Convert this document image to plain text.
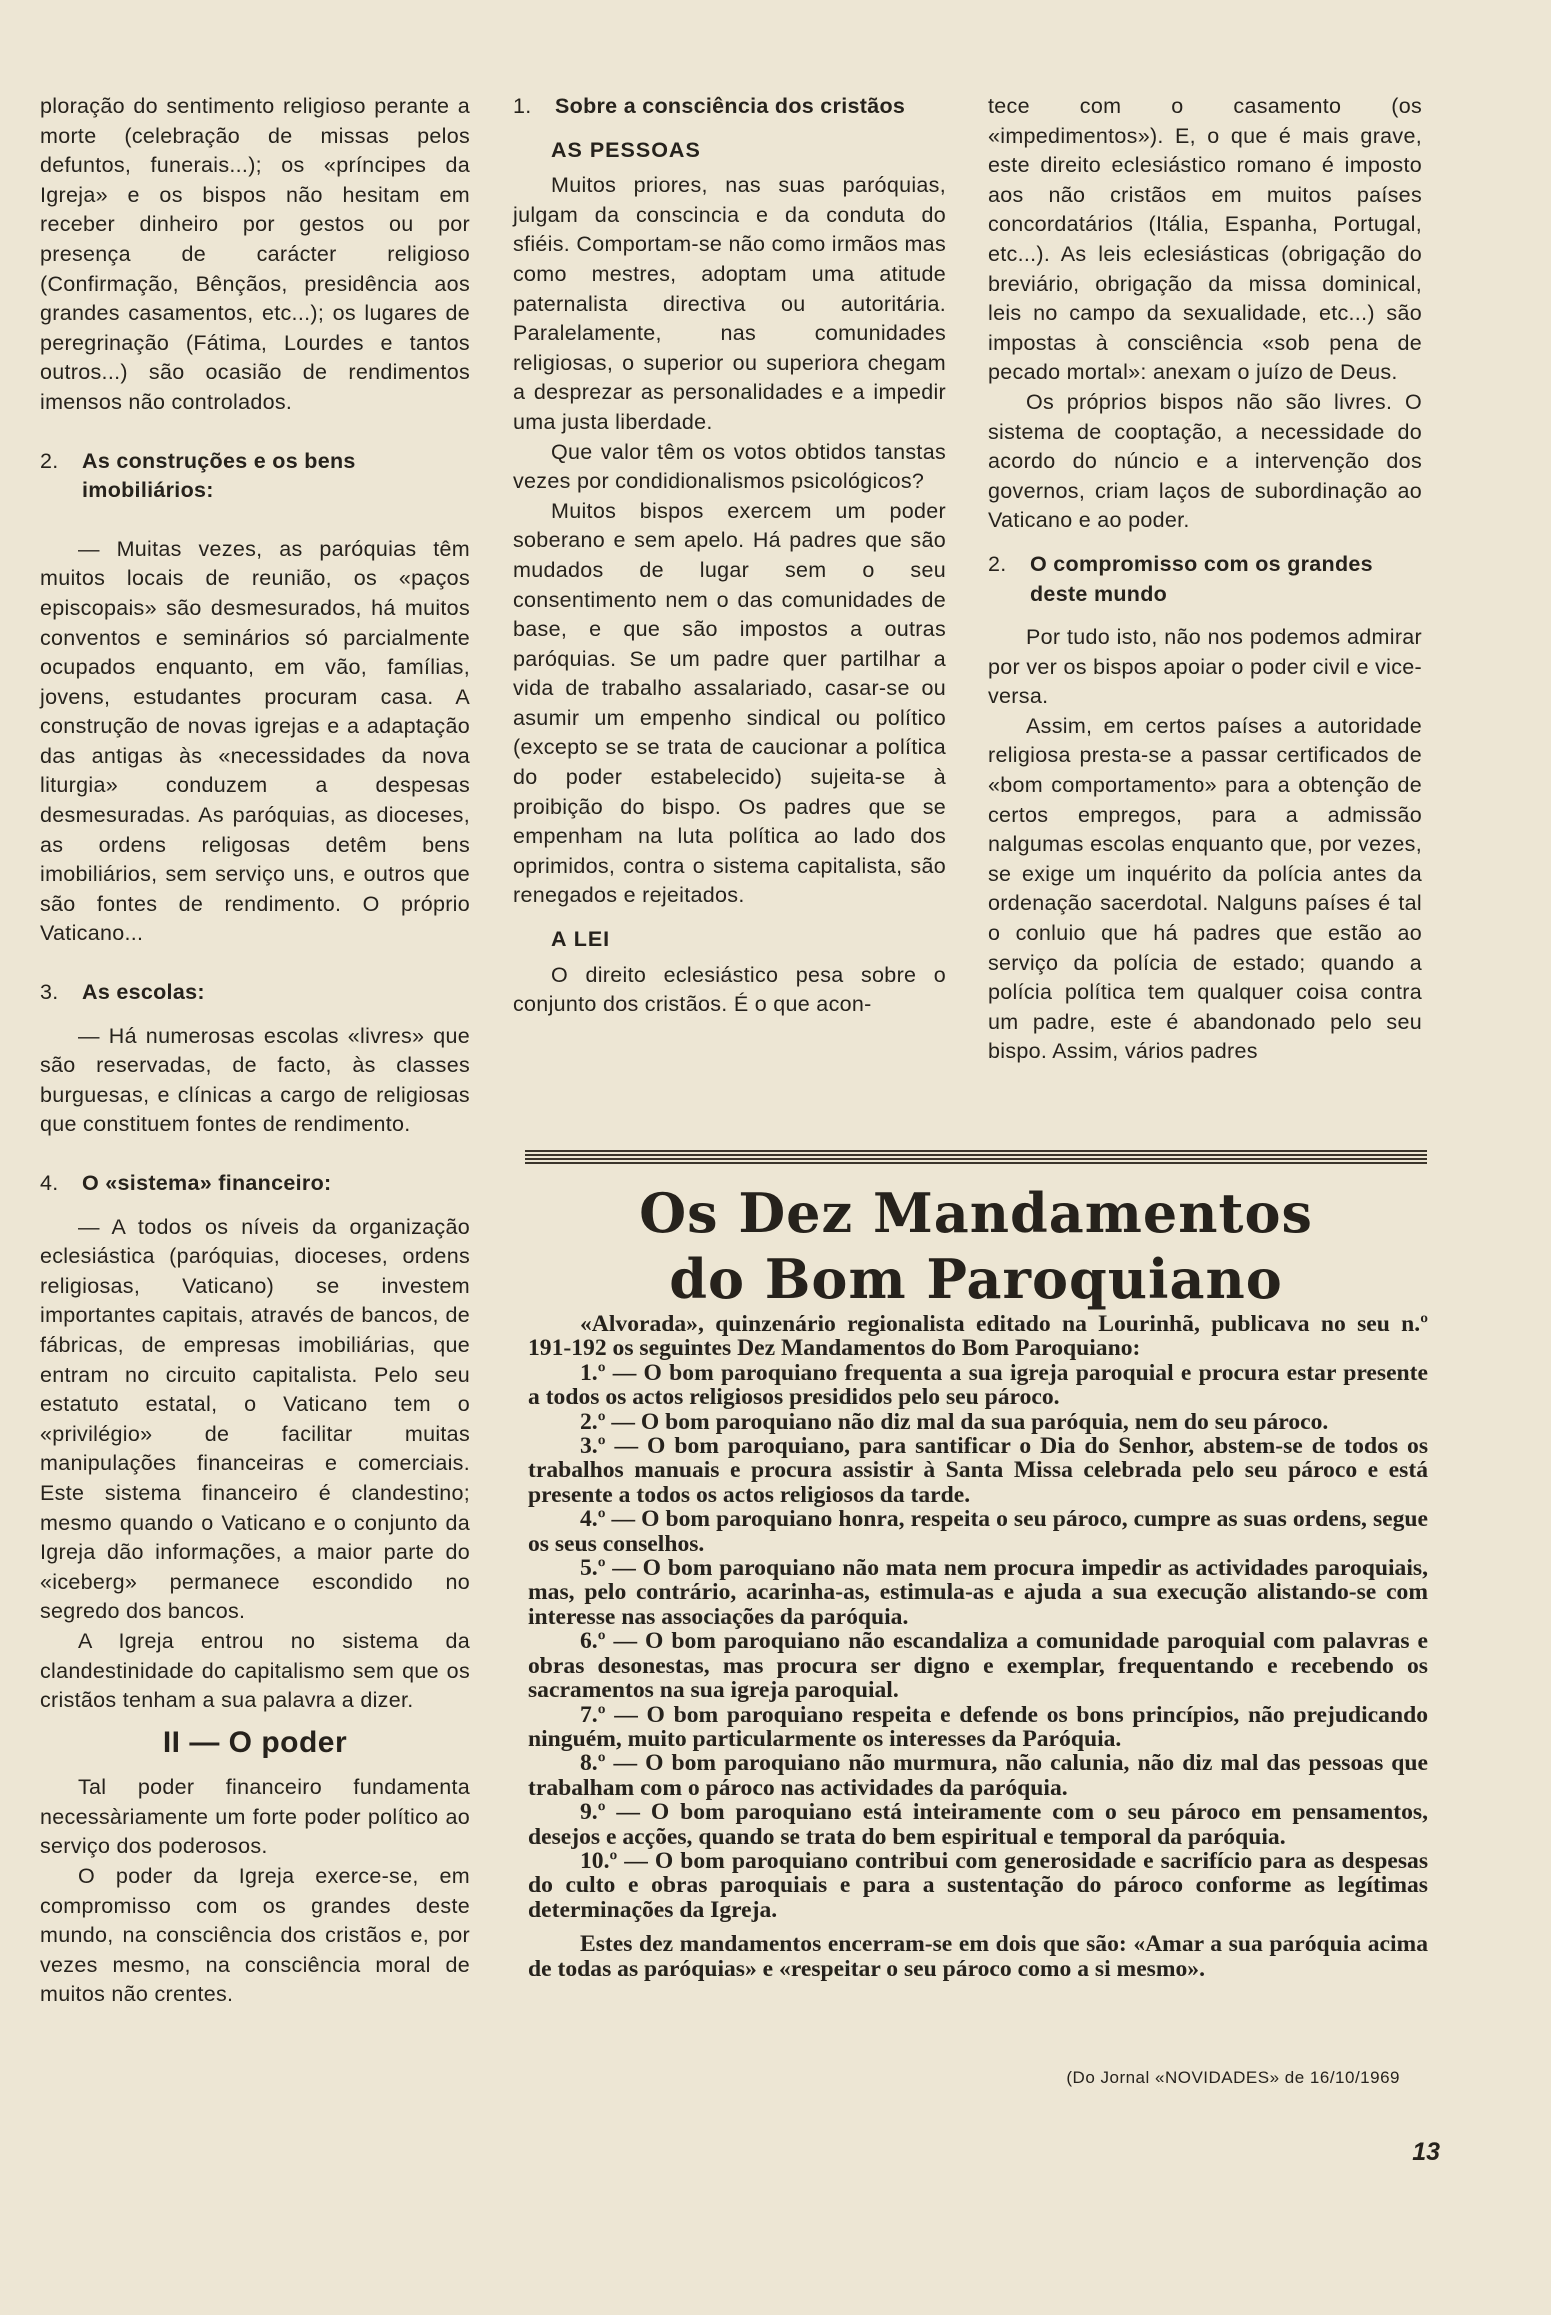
ploração do sentimento religioso perante a morte (celebração de missas pelos defuntos, funerais...); os «príncipes da Igreja» e os bispos não hesitam em receber dinheiro por gestos ou por presença de carácter religioso (Confirmação, Bênçãos, presidência aos grandes casamentos, etc...); os lugares de peregrinação (Fátima, Lourdes e tantos outros...) são ocasião de rendimentos imensos não controlados.

2.	As construções e os bens imobiliários:

— Muitas vezes, as paróquias têm muitos locais de reunião, os «paços episcopais» são desmesurados, há muitos conventos e seminários só parcialmente ocupados enquanto, em vão, famílias, jovens, estudantes procuram casa. A construção de novas igrejas e a adaptação das antigas às «necessidades da nova liturgia» conduzem a despesas desmesuradas. As paróquias, as dioceses, as ordens religosas detêm bens imobiliários, sem serviço uns, e outros que são fontes de rendimento. O próprio Vaticano...

3.	As escolas:

— Há numerosas escolas «livres» que são reservadas, de facto, às classes burguesas, e clínicas a cargo de religiosas que constituem fontes de rendimento.

4.	O «sistema» financeiro:

— A todos os níveis da organização eclesiástica (paróquias, dioceses, ordens religiosas, Vaticano) se investem importantes capitais, através de bancos, de fábricas, de empresas imobiliárias, que entram no circuito capitalista. Pelo seu estatuto estatal, o Vaticano tem o «privilégio» de facilitar muitas manipulações financeiras e comerciais. Este sistema financeiro é clandestino; mesmo quando o Vaticano e o conjunto da Igreja dão informações, a maior parte do «iceberg» permanece escondido no segredo dos bancos.

A Igreja entrou no sistema da clandestinidade do capitalismo sem que os cristãos tenham a sua palavra a dizer.

II — O poder

Tal poder financeiro fundamenta necessàriamente um forte poder político ao serviço dos poderosos.

O poder da Igreja exerce-se, em compromisso com os grandes deste mundo, na consciência dos cristãos e, por vezes mesmo, na consciência moral de muitos não crentes.

1.	Sobre a consciência dos cristãos
AS PESSOAS

Muitos priores, nas suas paróquias, julgam da conscincia e da conduta do sfiéis. Comportam-se não como irmãos mas como mestres, adoptam uma atitude paternalista directiva ou autoritária. Paralelamente, nas comunidades religiosas, o superior ou superiora chegam a desprezar as personalidades e a impedir uma justa liberdade.

Que valor têm os votos obtidos tanstas vezes por condidionalismos psicológicos?

Muitos bispos exercem um poder soberano e sem apelo. Há padres que são mudados de lugar sem o seu consentimento nem o das comunidades de base, e que são impostos a outras paróquias. Se um padre quer partilhar a vida de trabalho assalariado, casar-se ou asumir um empenho sindical ou político (excepto se se trata de caucionar a política do poder estabelecido) sujeita-se à proibição do bispo. Os padres que se empenham na luta política ao lado dos oprimidos, contra o sistema capitalista, são renegados e rejeitados.

A LEI

O direito eclesiástico pesa sobre o conjunto dos cristãos. É o que acon-

tece com o casamento (os «impedimentos»). E, o que é mais grave, este direito eclesiástico romano é imposto aos não cristãos em muitos países concordatários (Itália, Espanha, Portugal, etc...). As leis eclesiásticas (obrigação do breviário, obrigação da missa dominical, leis no campo da sexualidade, etc...) são impostas à consciência «sob pena de pecado mortal»: anexam o juízo de Deus.

Os próprios bispos não são livres. O sistema de cooptação, a necessidade do acordo do núncio e a intervenção dos governos, criam laços de subordinação ao Vaticano e ao poder.

2.	O compromisso com os grandes deste mundo

Por tudo isto, não nos podemos admirar por ver os bispos apoiar o poder civil e vice-versa.

Assim, em certos países a autoridade religiosa presta-se a passar certificados de «bom comportamento» para a obtenção de certos empregos, para a admissão nalgumas escolas enquanto que, por vezes, se exige um inquérito da polícia antes da ordenação sacerdotal. Nalguns países é tal o conluio que há padres que estão ao serviço da polícia de estado; quando a polícia política tem qualquer coisa contra um padre, este é abandonado pelo seu bispo. Assim, vários padres

Os Dez Mandamentos
do Bom Paroquiano

«Alvorada», quinzenário regionalista editado na Lourinhã, publicava no seu n.º 191-192 os seguintes Dez Mandamentos do Bom Paroquiano:

1.º — O bom paroquiano frequenta a sua igreja paroquial e procura estar presente a todos os actos religiosos presididos pelo seu pároco.

2.º — O bom paroquiano não diz mal da sua paróquia, nem do seu pároco.

3.º — O bom paroquiano, para santificar o Dia do Senhor, abstem-se de todos os trabalhos manuais e procura assistir à Santa Missa celebrada pelo seu pároco e está presente a todos os actos religiosos da tarde.

4.º — O bom paroquiano honra, respeita o seu pároco, cumpre as suas ordens, segue os seus conselhos.

5.º — O bom paroquiano não mata nem procura impedir as actividades paroquiais, mas, pelo contrário, acarinha-as, estimula-as e ajuda a sua execução alistando-se com interesse nas associações da paróquia.

6.º — O bom paroquiano não escandaliza a comunidade paroquial com palavras e obras desonestas, mas procura ser digno e exemplar, frequentando e recebendo os sacramentos na sua igreja paroquial.

7.º — O bom paroquiano respeita e defende os bons princípios, não prejudicando ninguém, muito particularmente os interesses da Paróquia.

8.º — O bom paroquiano não murmura, não calunia, não diz mal das pessoas que trabalham com o pároco nas actividades da paróquia.

9.º — O bom paroquiano está inteiramente com o seu pároco em pensamentos, desejos e acções, quando se trata do bem espiritual e temporal da paróquia.

10.º — O bom paroquiano contribui com generosidade e sacrifício para as despesas do culto e obras paroquiais e para a sustentação do pároco conforme as legítimas determinações da Igreja.

Estes dez mandamentos encerram-se em dois que são: «Amar a sua paróquia acima de todas as paróquias» e «respeitar o seu pároco como a si mesmo».

(Do Jornal «NOVIDADES» de 16/10/1969
13
